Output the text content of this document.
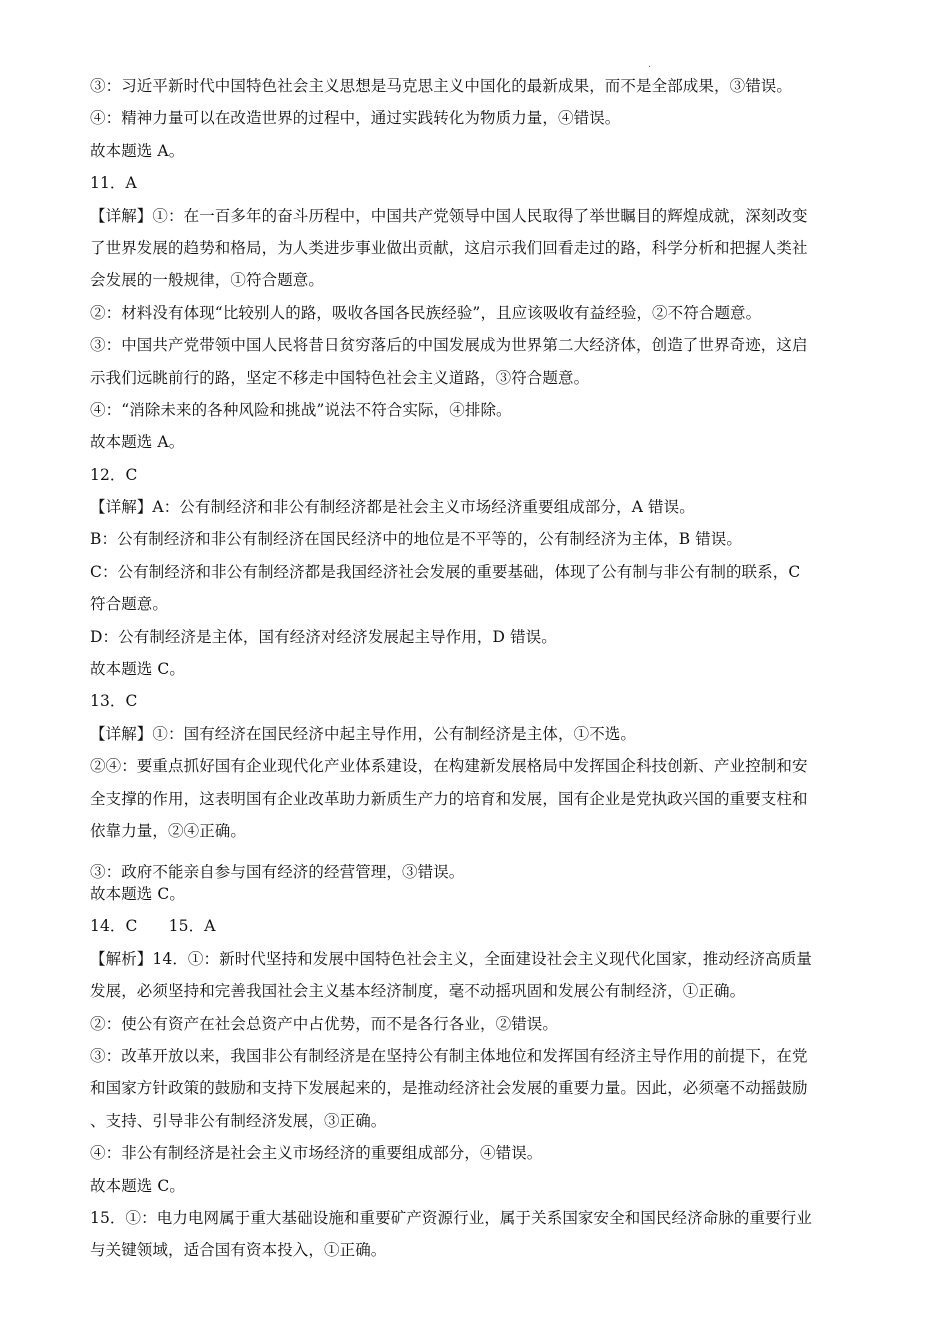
·

③：习近平新时代中国特色社会主义思想是马克思主义中国化的最新成果，而不是全部成果，③错误。

④：精神力量可以在改造世界的过程中，通过实践转化为物质力量，④错误。

故本题选 A。

11．A

【详解】①：在一百多年的奋斗历程中，中国共产党领导中国人民取得了举世瞩目的辉煌成就，深刻改变

了世界发展的趋势和格局，为人类进步事业做出贡献，这启示我们回看走过的路，科学分析和把握人类社

会发展的一般规律，①符合题意。

②：材料没有体现“比较别人的路，吸收各国各民族经验”，且应该吸收有益经验，②不符合题意。

③：中国共产党带领中国人民将昔日贫穷落后的中国发展成为世界第二大经济体，创造了世界奇迹，这启

示我们远眺前行的路，坚定不移走中国特色社会主义道路，③符合题意。

④：“消除未来的各种风险和挑战”说法不符合实际，④排除。

故本题选 A。

12．C

【详解】A：公有制经济和非公有制经济都是社会主义市场经济重要组成部分，A 错误。

B：公有制经济和非公有制经济在国民经济中的地位是不平等的，公有制经济为主体，B 错误。

C：公有制经济和非公有制经济都是我国经济社会发展的重要基础，体现了公有制与非公有制的联系，C

符合题意。

D：公有制经济是主体，国有经济对经济发展起主导作用，D 错误。

故本题选 C。

13．C

【详解】①：国有经济在国民经济中起主导作用，公有制经济是主体，①不选。

②④：要重点抓好国有企业现代化产业体系建设，在构建新发展格局中发挥国企科技创新、产业控制和安

全支撑的作用，这表明国有企业改革助力新质生产力的培育和发展，国有企业是党执政兴国的重要支柱和

依靠力量，②④正确。

③：政府不能亲自参与国有经济的经营管理，③错误。

故本题选 C。

14．C　　15．A

【解析】14．①：新时代坚持和发展中国特色社会主义，全面建设社会主义现代化国家，推动经济高质量

发展，必须坚持和完善我国社会主义基本经济制度，毫不动摇巩固和发展公有制经济，①正确。

②：使公有资产在社会总资产中占优势，而不是各行各业，②错误。

③：改革开放以来，我国非公有制经济是在坚持公有制主体地位和发挥国有经济主导作用的前提下，在党

和国家方针政策的鼓励和支持下发展起来的，是推动经济社会发展的重要力量。因此，必须毫不动摇鼓励

、支持、引导非公有制经济发展，③正确。

④：非公有制经济是社会主义市场经济的重要组成部分，④错误。

故本题选 C。

15．①：电力电网属于重大基础设施和重要矿产资源行业，属于关系国家安全和国民经济命脉的重要行业

与关键领域，适合国有资本投入，①正确。
